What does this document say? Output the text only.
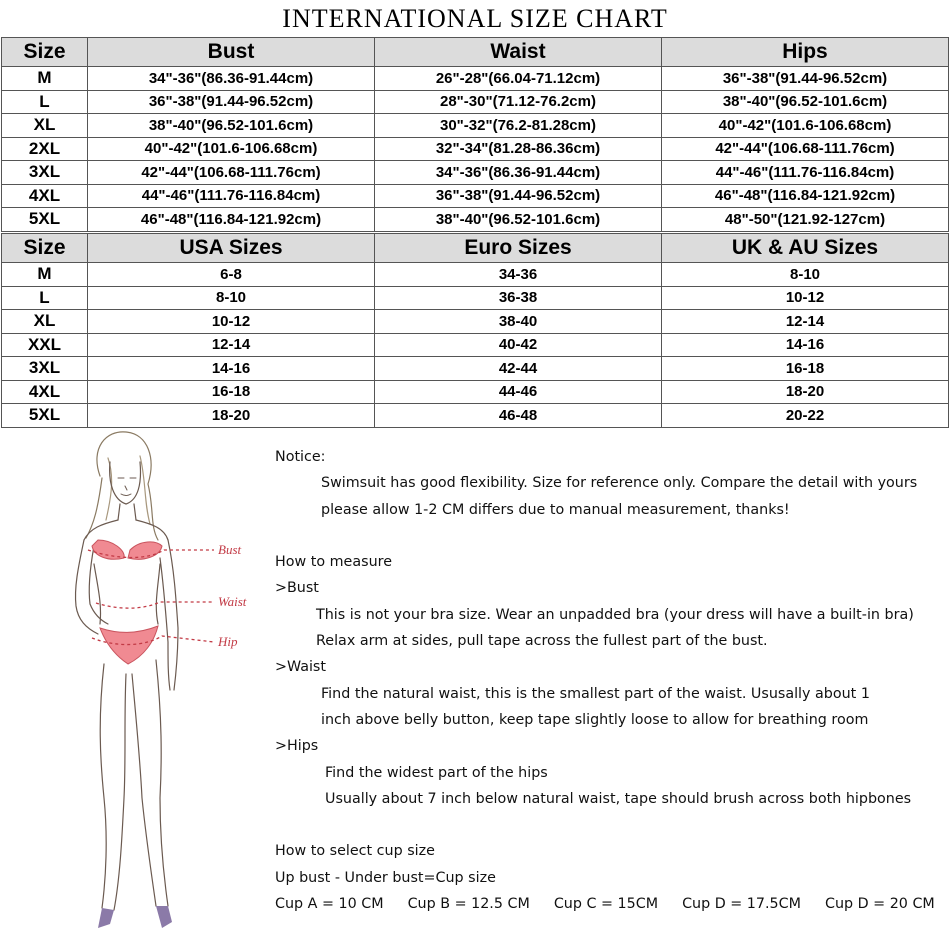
INTERNATIONAL SIZE CHART
Size	Bust	Waist	Hips
M	34"-36"(86.36-91.44cm)	26"-28"(66.04-71.12cm)	36"-38"(91.44-96.52cm)
L	36"-38"(91.44-96.52cm)	28"-30"(71.12-76.2cm)	38"-40"(96.52-101.6cm)
XL	38"-40"(96.52-101.6cm)	30"-32"(76.2-81.28cm)	40"-42"(101.6-106.68cm)
2XL	40"-42"(101.6-106.68cm)	32"-34"(81.28-86.36cm)	42"-44"(106.68-111.76cm)
3XL	42"-44"(106.68-111.76cm)	34"-36"(86.36-91.44cm)	44"-46"(111.76-116.84cm)
4XL	44"-46"(111.76-116.84cm)	36"-38"(91.44-96.52cm)	46"-48"(116.84-121.92cm)
5XL	46"-48"(116.84-121.92cm)	38"-40"(96.52-101.6cm)	48"-50"(121.92-127cm)
Size	USA Sizes	Euro Sizes	UK & AU Sizes
M	6-8	34-36	8-10
L	8-10	36-38	10-12
XL	10-12	38-40	12-14
XXL	12-14	40-42	14-16
3XL	14-16	42-44	16-18
4XL	16-18	44-46	18-20
5XL	18-20	46-48	20-22
Bust
Waist
Hip
Notice:
Swimsuit has good flexibility. Size for reference only. Compare the detail with yours
please allow 1-2 CM differs due to manual measurement, thanks!
How to measure
>Bust
This is not your bra size. Wear an unpadded bra (your dress will have a built-in bra)
Relax arm at sides, pull tape across the fullest part of the bust.
>Waist
Find the natural waist, this is the smallest part of the waist. Ususally about 1
inch above belly button, keep tape slightly loose to allow for breathing room
>Hips
Find the widest part of the hips
Usually about 7 inch below natural waist, tape should brush across both hipbones
How to select cup size
Up bust - Under bust=Cup size
Cup A = 10 CM Cup B = 12.5 CM Cup C = 15CM Cup D = 17.5CM Cup D = 20 CM
